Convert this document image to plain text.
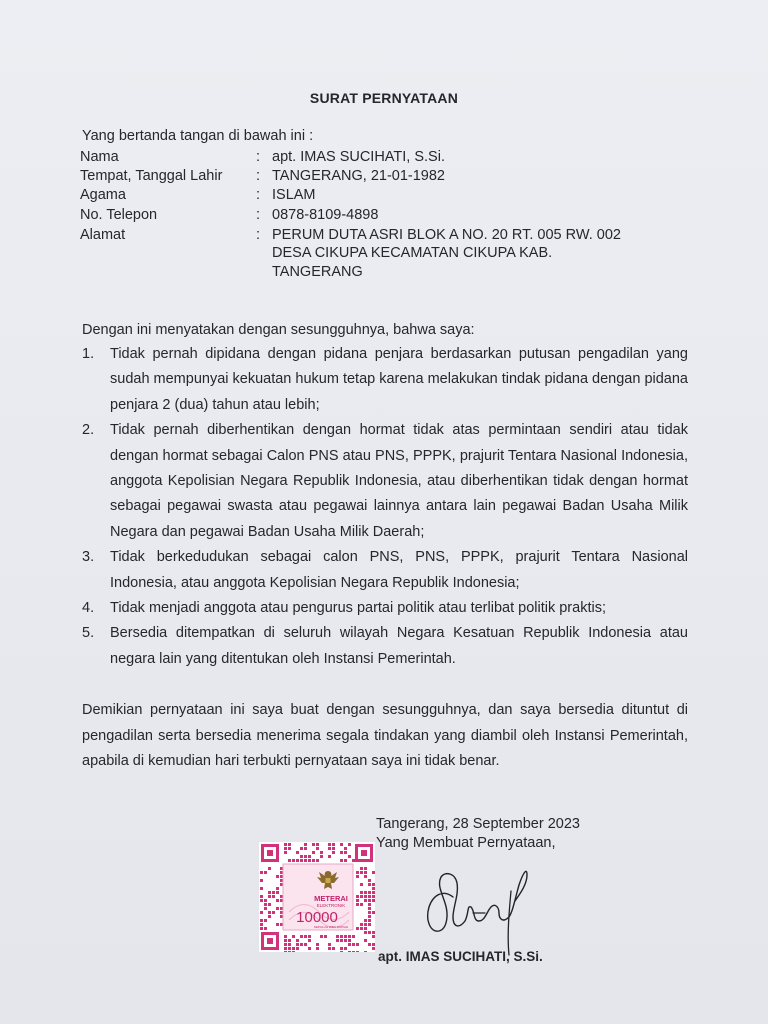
SURAT PERNYATAAN
Yang bertanda tangan di bawah ini :
Nama	: apt. IMAS SUCIHATI, S.Si.
Tempat, Tanggal Lahir : TANGERANG, 21-01-1982
Agama	: ISLAM
No. Telepon	: 0878-8109-4898
Alamat	: PERUM DUTA ASRI BLOK A NO. 20 RT. 005 RW. 002
DESA CIKUPA KECAMATAN CIKUPA KAB.
TANGERANG
Dengan ini menyatakan dengan sesungguhnya, bahwa saya:
1. Tidak pernah dipidana dengan pidana penjara berdasarkan putusan pengadilan yang sudah mempunyai kekuatan hukum tetap karena melakukan tindak pidana dengan pidana penjara 2 (dua) tahun atau lebih;
2. Tidak pernah diberhentikan dengan hormat tidak atas permintaan sendiri atau tidak dengan hormat sebagai Calon PNS atau PNS, PPPK, prajurit Tentara Nasional Indonesia, anggota Kepolisian Negara Republik Indonesia, atau diberhentikan tidak dengan hormat sebagai pegawai swasta atau pegawai lainnya antara lain pegawai Badan Usaha Milik Negara dan pegawai Badan Usaha Milik Daerah;
3. Tidak berkedudukan sebagai calon PNS, PNS, PPPK, prajurit Tentara Nasional Indonesia, atau anggota Kepolisian Negara Republik Indonesia;
4. Tidak menjadi anggota atau pengurus partai politik atau terlibat politik praktis;
5. Bersedia ditempatkan di seluruh wilayah Negara Kesatuan Republik Indonesia atau negara lain yang ditentukan oleh Instansi Pemerintah.
Demikian pernyataan ini saya buat dengan sesungguhnya, dan saya bersedia dituntut di pengadilan serta bersedia menerima segala tindakan yang diambil oleh Instansi Pemerintah, apabila di kemudian hari terbukti pernyataan saya ini tidak benar.
Tangerang, 28 September 2023
Yang Membuat Pernyataan,
METERAI
ELEKTRONIK
10000
SEPULUH RIBU RUPIAH
apt. IMAS SUCIHATI, S.Si.
